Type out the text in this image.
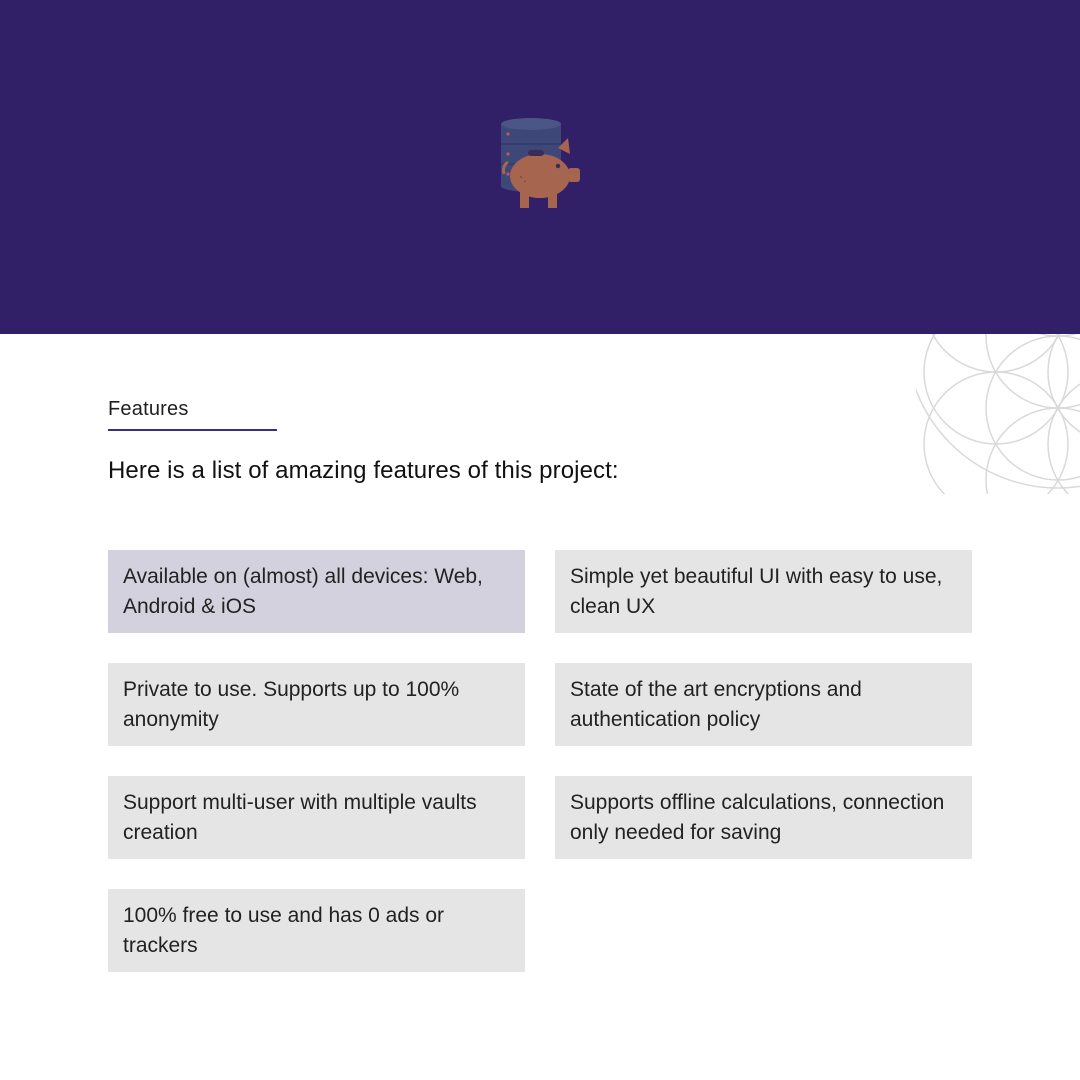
Features
Here is a list of amazing features of this project:
Available on (almost) all devices: Web, Android & iOS
Simple yet beautiful UI with easy to use, clean UX
Private to use. Supports up to 100% anonymity
State of the art encryptions and authentication policy
Support multi-user with multiple vaults creation
Supports offline calculations, connection only needed for saving
100% free to use and has 0 ads or trackers
